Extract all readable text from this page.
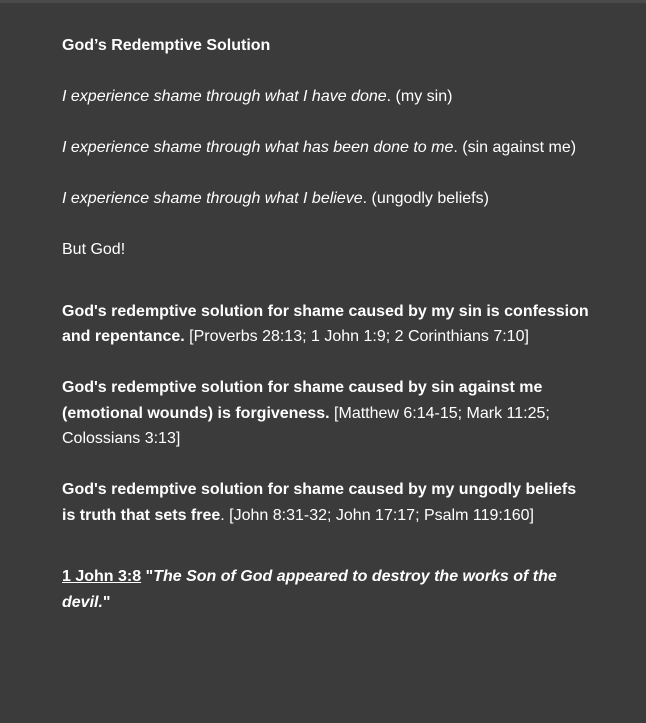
God’s Redemptive Solution

I experience shame through what I have done. (my sin)

I experience shame through what has been done to me. (sin against me)

I experience shame through what I believe. (ungodly beliefs)

But God!

God's redemptive solution for shame caused by my sin is confession and repentance. [Proverbs 28:13; 1 John 1:9; 2 Corinthians 7:10]

God's redemptive solution for shame caused by sin against me (emotional wounds) is forgiveness. [Matthew 6:14-15; Mark 11:25; Colossians 3:13]

God's redemptive solution for shame caused by my ungodly beliefs is truth that sets free. [John 8:31-32; John 17:17; Psalm 119:160]

1 John 3:8 "The Son of God appeared to destroy the works of the devil."
